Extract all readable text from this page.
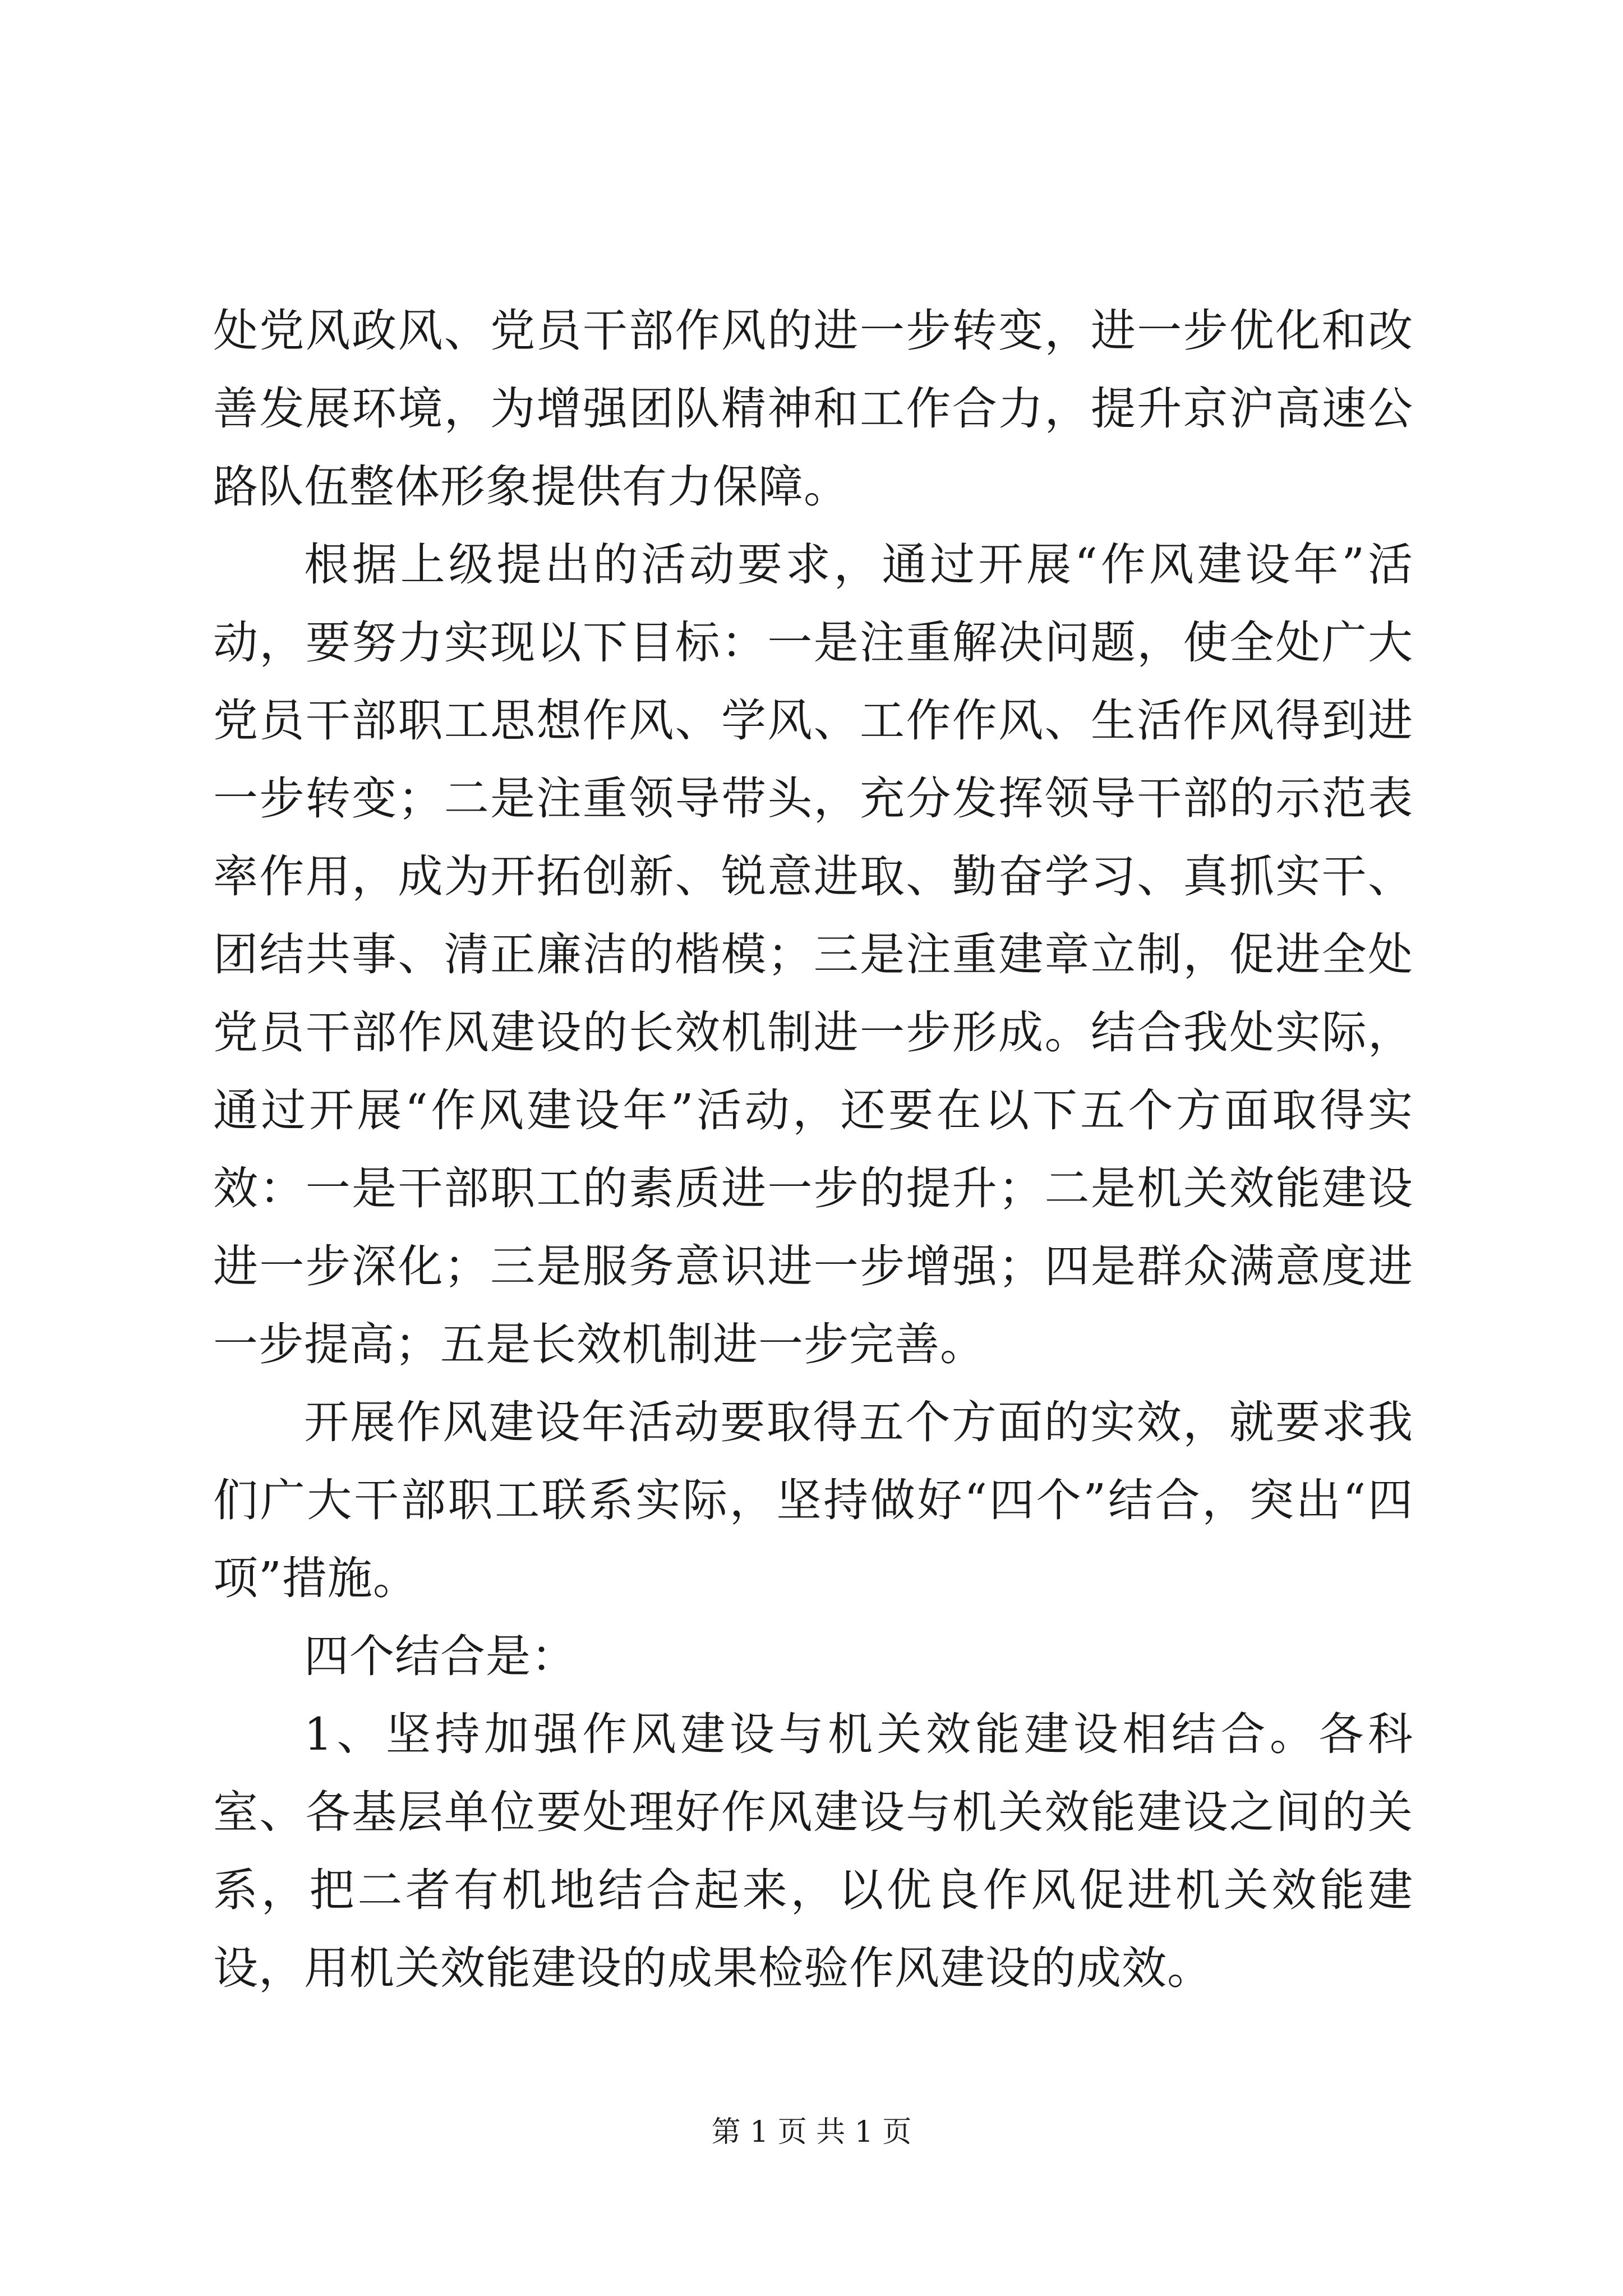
处党风政风、党员干部作风的进一步转变，进一步优化和改善发展环境，为增强团队精神和工作合力，提升京沪高速公路队伍整体形象提供有力保障。

根据上级提出的活动要求，通过开展“作风建设年”活动，要努力实现以下目标：一是注重解决问题，使全处广大党员干部职工思想作风、学风、工作作风、生活作风得到进一步转变；二是注重领导带头，充分发挥领导干部的示范表率作用，成为开拓创新、锐意进取、勤奋学习、真抓实干、团结共事、清正廉洁的楷模；三是注重建章立制，促进全处党员干部作风建设的长效机制进一步形成。结合我处实际，通过开展“作风建设年”活动，还要在以下五个方面取得实效：一是干部职工的素质进一步的提升；二是机关效能建设进一步深化；三是服务意识进一步增强；四是群众满意度进一步提高；五是长效机制进一步完善。

开展作风建设年活动要取得五个方面的实效，就要求我们广大干部职工联系实际，坚持做好“四个”结合，突出“四项”措施。

四个结合是：

1、坚持加强作风建设与机关效能建设相结合。各科室、各基层单位要处理好作风建设与机关效能建设之间的关系，把二者有机地结合起来，以优良作风促进机关效能建设，用机关效能建设的成果检验作风建设的成效。

第 1 页 共 1 页
